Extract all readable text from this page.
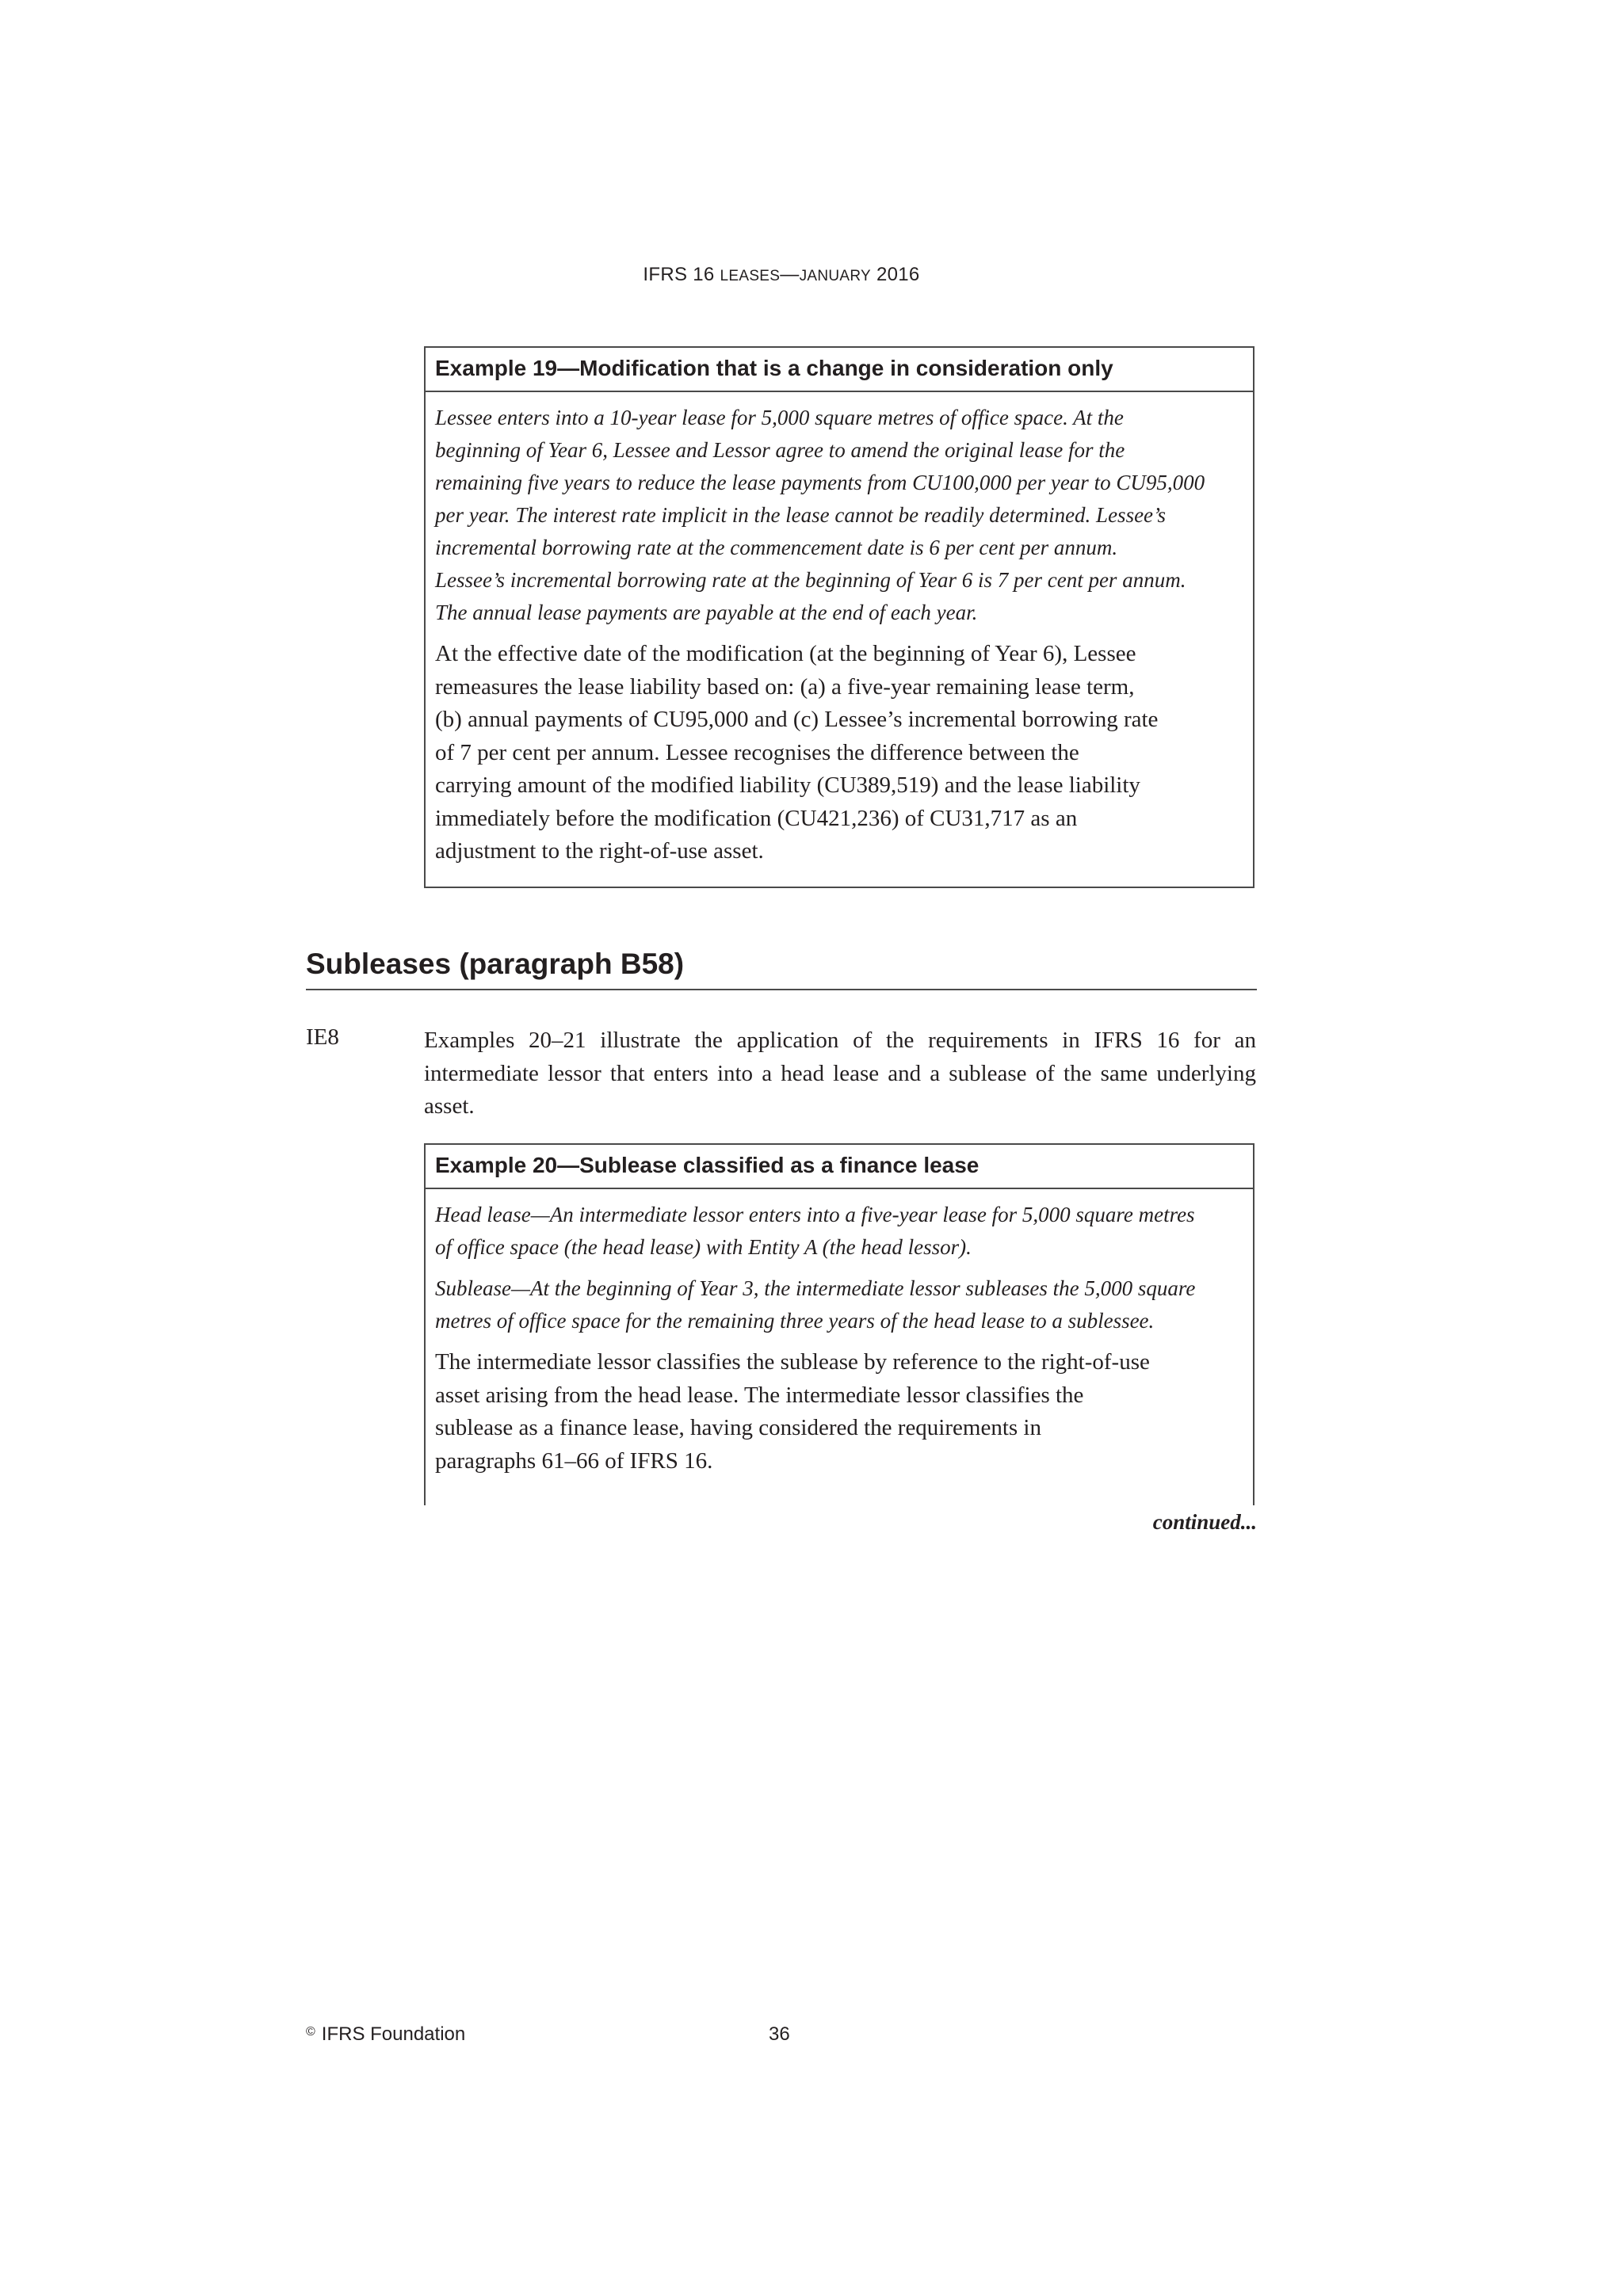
IFRS 16 LEASES—JANUARY 2016
Example 19—Modification that is a change in consideration only

Lessee enters into a 10-year lease for 5,000 square metres of office space. At the
beginning of Year 6, Lessee and Lessor agree to amend the original lease for the
remaining five years to reduce the lease payments from CU100,000 per year to CU95,000
per year. The interest rate implicit in the lease cannot be readily determined. Lessee’s
incremental borrowing rate at the commencement date is 6 per cent per annum.
Lessee’s incremental borrowing rate at the beginning of Year 6 is 7 per cent per annum.
The annual lease payments are payable at the end of each year.

At the effective date of the modification (at the beginning of Year 6), Lessee
remeasures the lease liability based on: (a) a five-year remaining lease term,
(b) annual payments of CU95,000 and (c) Lessee’s incremental borrowing rate
of 7 per cent per annum. Lessee recognises the difference between the
carrying amount of the modified liability (CU389,519) and the lease liability
immediately before the modification (CU421,236) of CU31,717 as an
adjustment to the right-of-use asset.

Subleases (paragraph B58)
IE8	Examples 20–21 illustrate the application of the requirements in IFRS 16 for an intermediate lessor that enters into a head lease and a sublease of the same underlying asset.

Example 20—Sublease classified as a finance lease

Head lease—An intermediate lessor enters into a five-year lease for 5,000 square metres
of office space (the head lease) with Entity A (the head lessor).

Sublease—At the beginning of Year 3, the intermediate lessor subleases the 5,000 square
metres of office space for the remaining three years of the head lease to a sublessee.

The intermediate lessor classifies the sublease by reference to the right-of-use
asset arising from the head lease. The intermediate lessor classifies the
sublease as a finance lease, having considered the requirements in
paragraphs 61–66 of IFRS 16.

continued...
© IFRS Foundation	36
